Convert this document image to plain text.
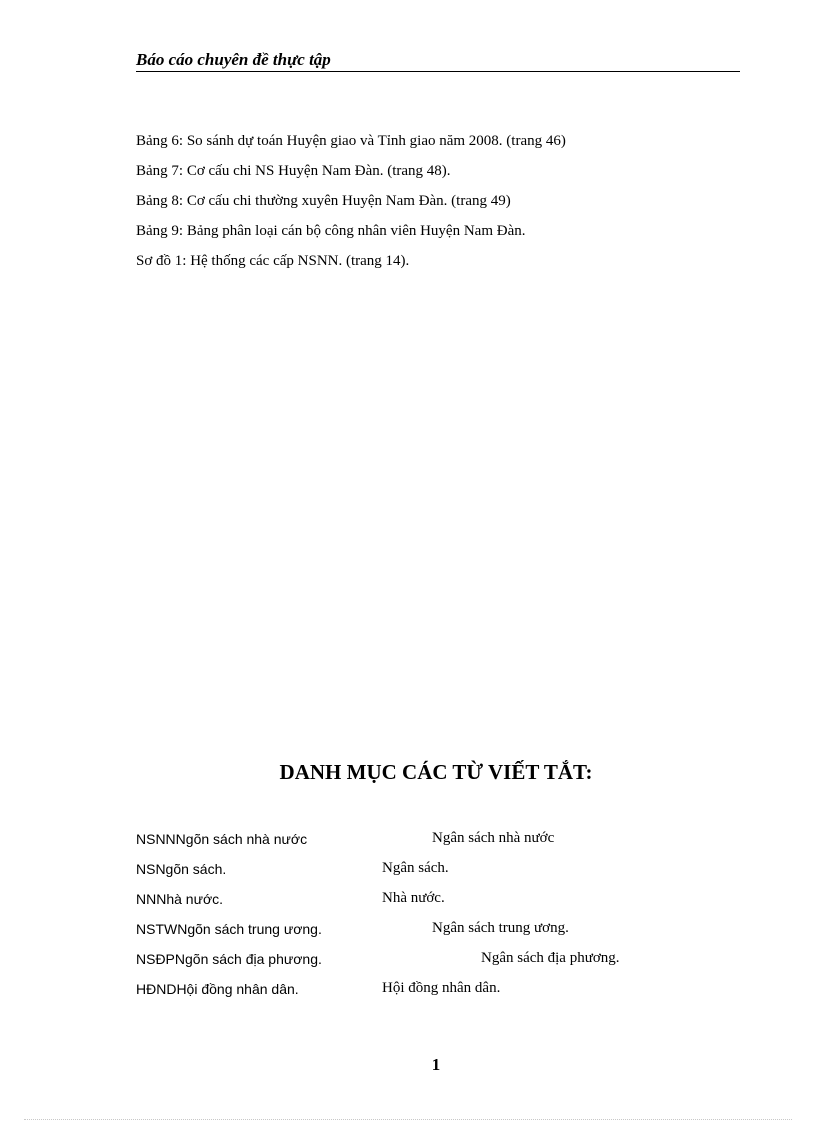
Báo cáo chuyên đề thực tập
Bảng 6: So sánh dự toán Huyện giao và Tỉnh giao năm 2008. (trang 46)
Bảng 7: Cơ cấu chi NS Huyện Nam Đàn. (trang 48).
Bảng 8: Cơ cấu chi thường xuyên Huyện Nam Đàn. (trang 49)
Bảng 9: Bảng phân loại cán bộ công nhân viên Huyện Nam Đàn.
Sơ đồ 1: Hệ thống các cấp NSNN. (trang 14).
DANH MỤC CÁC TỪ VIẾT TẮT:
NSNNNgõn sách nhà nước	Ngân sách nhà nước
NSNgõn sách.	Ngân sách.
NNNhà nước.	Nhà nước.
NSTWNgõn sách trung ương.	Ngân sách trung ương.
NSĐPNgõn sách địa phương.	Ngân sách địa phương.
HĐNDHội đồng nhân dân.	Hội đồng nhân dân.
1
